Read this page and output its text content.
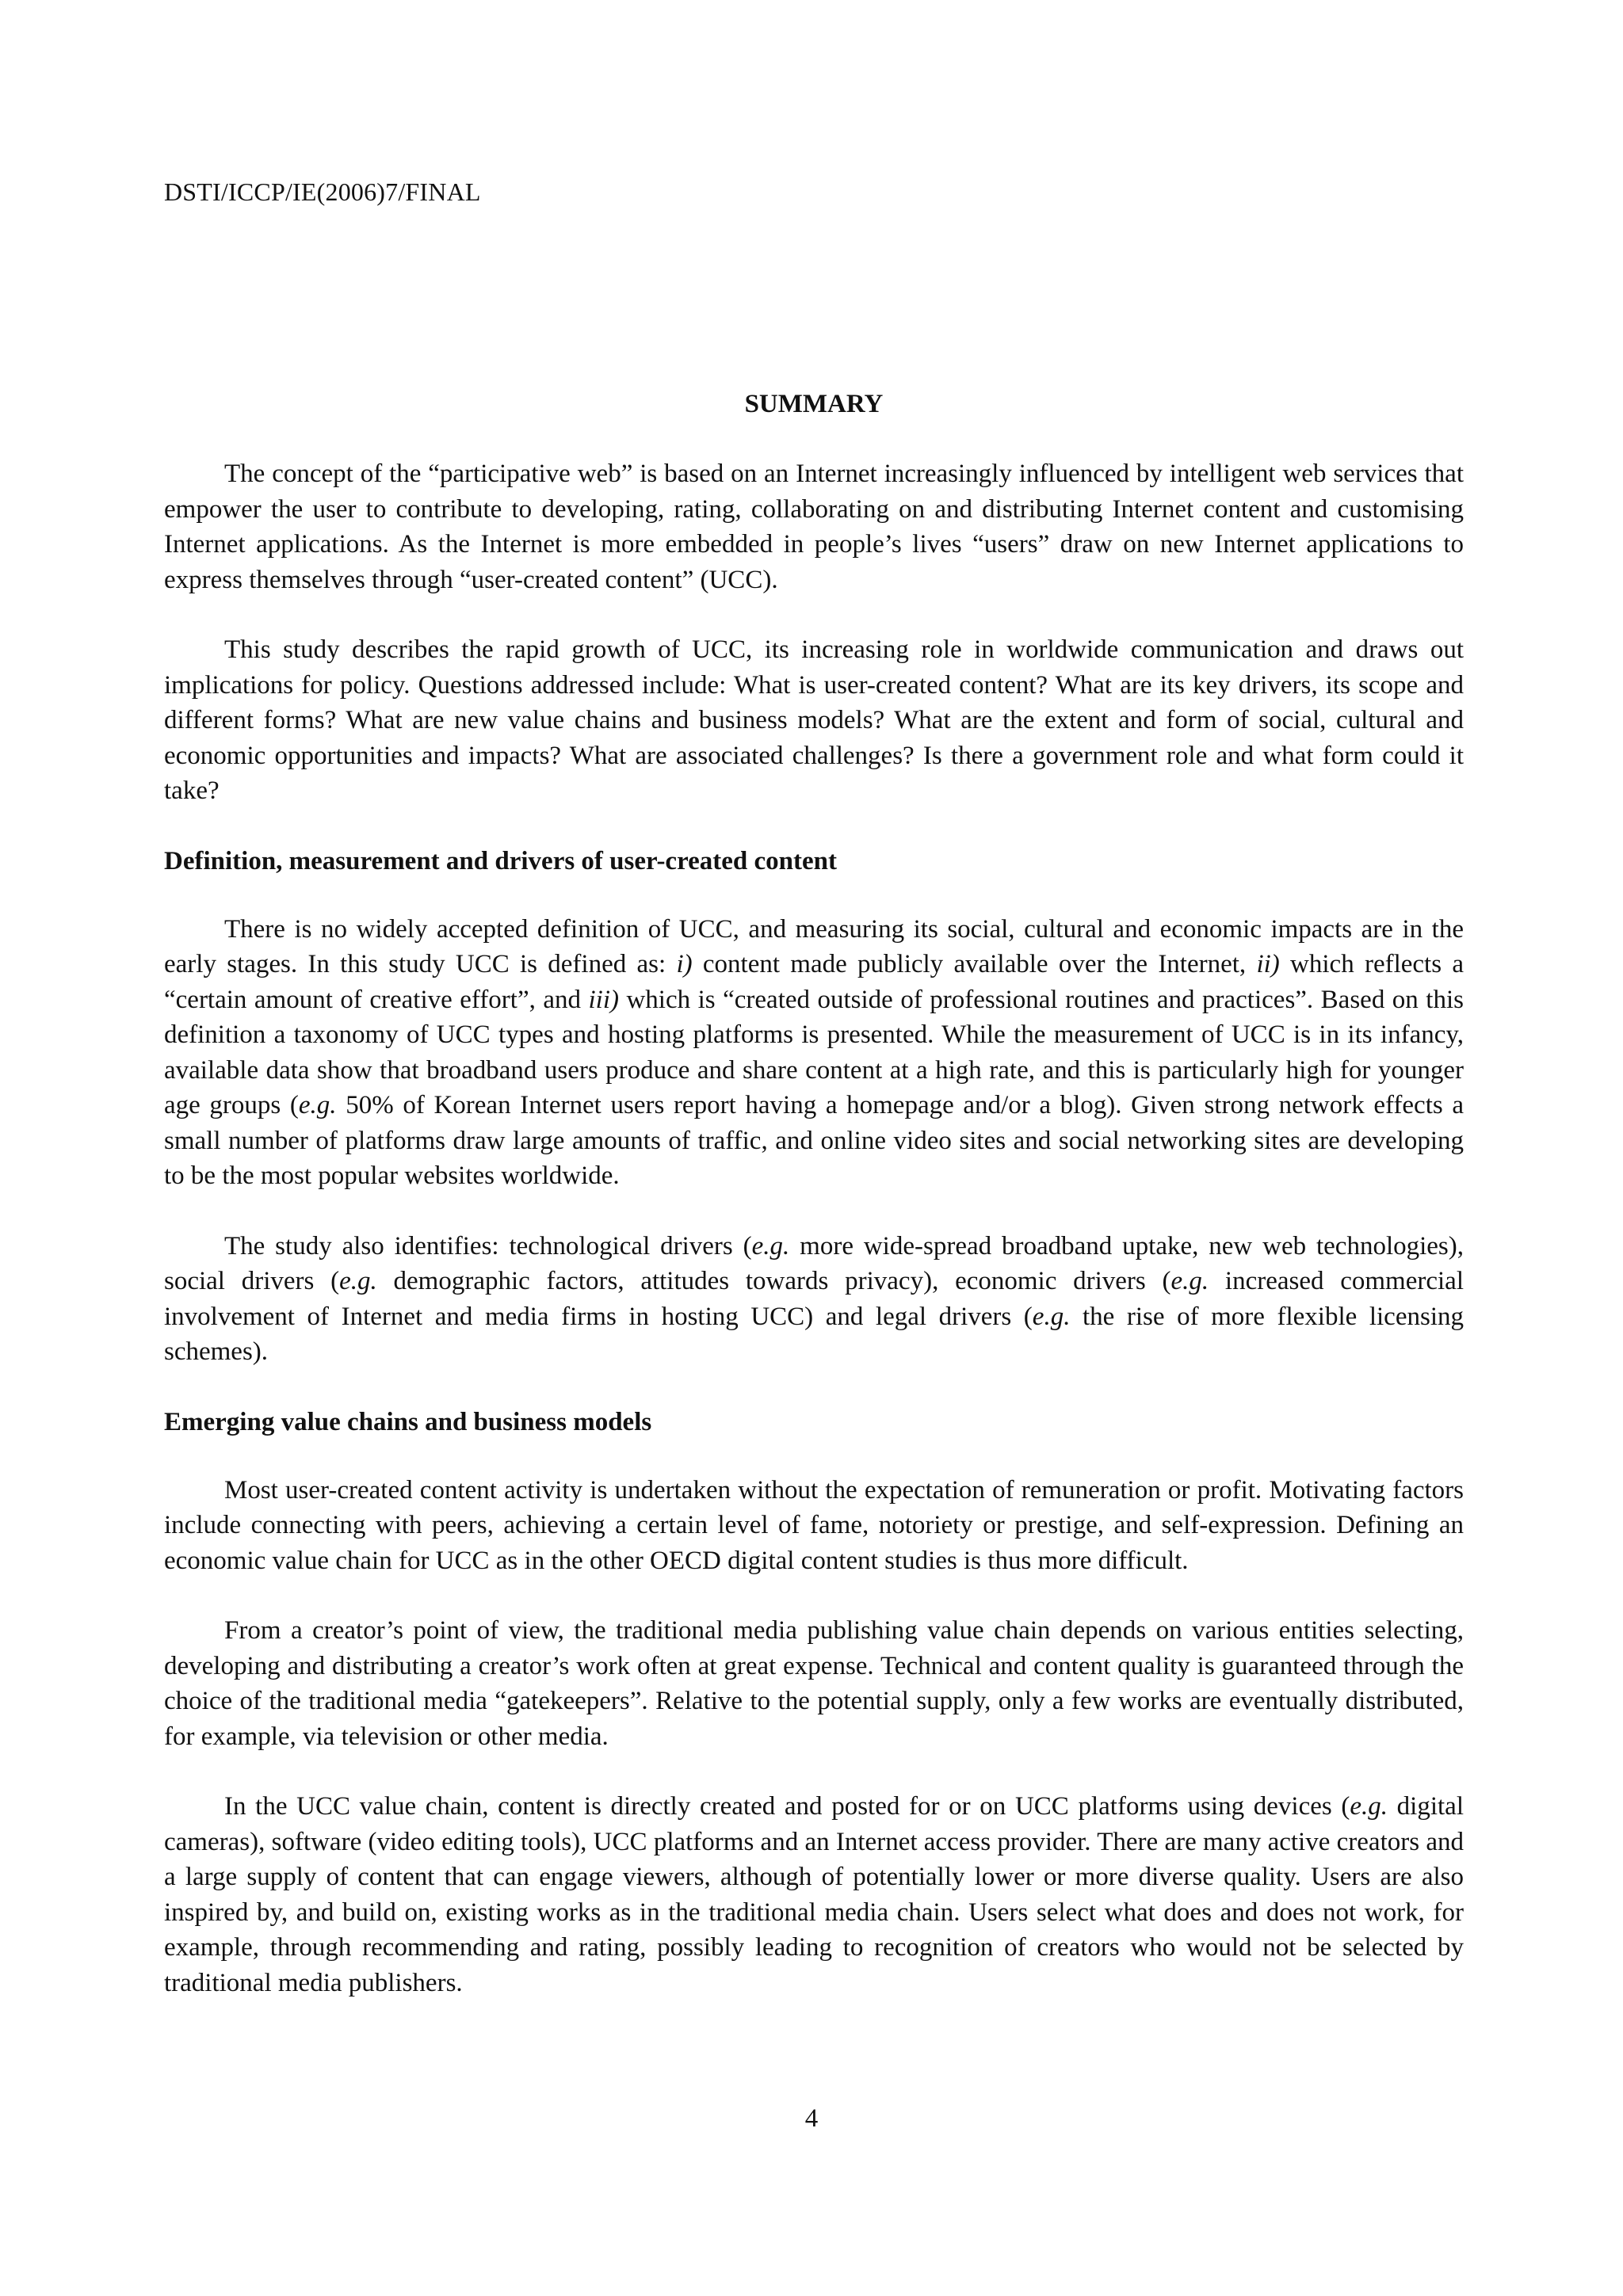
DSTI/ICCP/IE(2006)7/FINAL
SUMMARY

The concept of the “participative web” is based on an Internet increasingly influenced by intelligent web services that empower the user to contribute to developing, rating, collaborating on and distributing Internet content and customising Internet applications. As the Internet is more embedded in people’s lives “users” draw on new Internet applications to express themselves through “user-created content” (UCC).

This study describes the rapid growth of UCC, its increasing role in worldwide communication and draws out implications for policy. Questions addressed include: What is user-created content? What are its key drivers, its scope and different forms? What are new value chains and business models? What are the extent and form of social, cultural and economic opportunities and impacts? What are associated challenges? Is there a government role and what form could it take?

Definition, measurement and drivers of user-created content

There is no widely accepted definition of UCC, and measuring its social, cultural and economic impacts are in the early stages. In this study UCC is defined as: i) content made publicly available over the Internet, ii) which reflects a “certain amount of creative effort”, and iii) which is “created outside of professional routines and practices”. Based on this definition a taxonomy of UCC types and hosting platforms is presented. While the measurement of UCC is in its infancy, available data show that broadband users produce and share content at a high rate, and this is particularly high for younger age groups (e.g. 50% of Korean Internet users report having a homepage and/or a blog). Given strong network effects a small number of platforms draw large amounts of traffic, and online video sites and social networking sites are developing to be the most popular websites worldwide.

The study also identifies: technological drivers (e.g. more wide-spread broadband uptake, new web technologies), social drivers (e.g. demographic factors, attitudes towards privacy), economic drivers (e.g. increased commercial involvement of Internet and media firms in hosting UCC) and legal drivers (e.g. the rise of more flexible licensing schemes).

Emerging value chains and business models

Most user-created content activity is undertaken without the expectation of remuneration or profit. Motivating factors include connecting with peers, achieving a certain level of fame, notoriety or prestige, and self-expression. Defining an economic value chain for UCC as in the other OECD digital content studies is thus more difficult.

From a creator’s point of view, the traditional media publishing value chain depends on various entities selecting, developing and distributing a creator’s work often at great expense. Technical and content quality is guaranteed through the choice of the traditional media “gatekeepers”. Relative to the potential supply, only a few works are eventually distributed, for example, via television or other media.

In the UCC value chain, content is directly created and posted for or on UCC platforms using devices (e.g. digital cameras), software (video editing tools), UCC platforms and an Internet access provider. There are many active creators and a large supply of content that can engage viewers, although of potentially lower or more diverse quality. Users are also inspired by, and build on, existing works as in the traditional media chain. Users select what does and does not work, for example, through recommending and rating, possibly leading to recognition of creators who would not be selected by traditional media publishers.

4
